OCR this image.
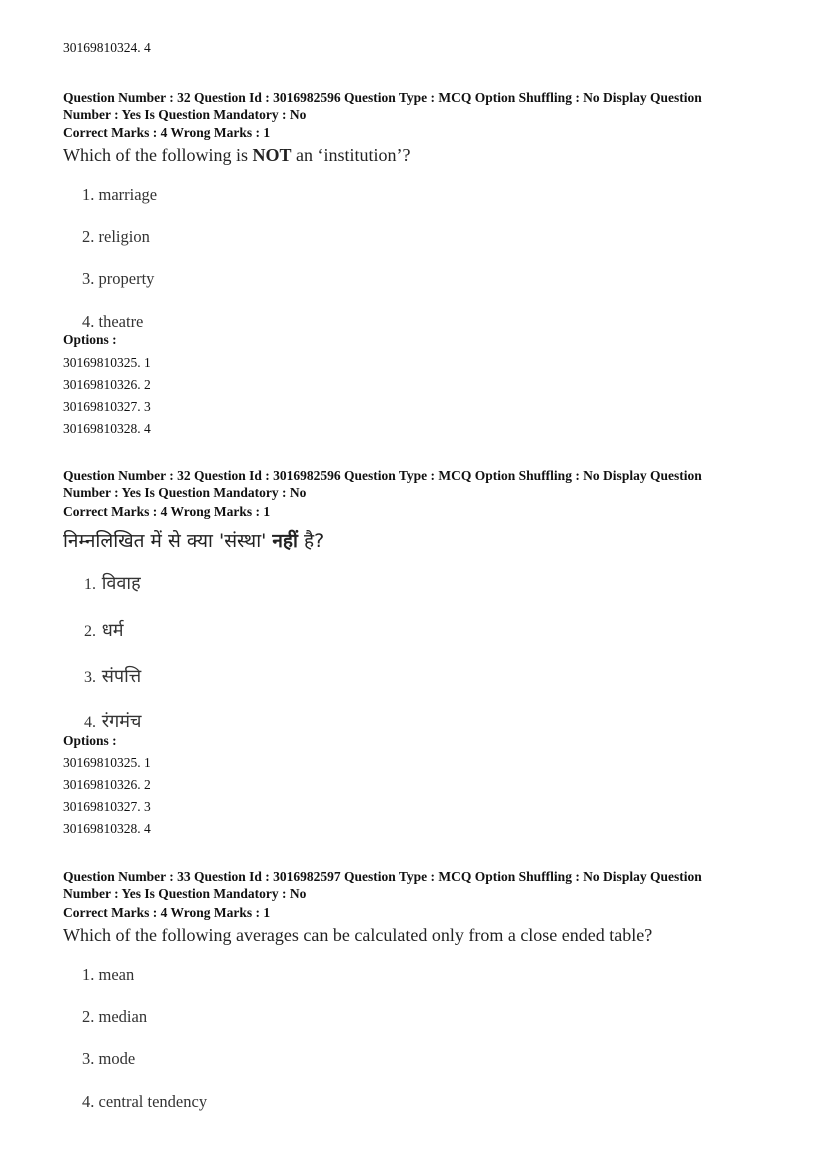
30169810324. 4
Question Number : 32 Question Id : 3016982596 Question Type : MCQ Option Shuffling : No Display Question
Number : Yes Is Question Mandatory : No
Correct Marks : 4 Wrong Marks : 1
Which of the following is NOT an ‘institution’?
1. marriage
2. religion
3. property
4. theatre
Options :
30169810325. 1
30169810326. 2
30169810327. 3
30169810328. 4
Question Number : 32 Question Id : 3016982596 Question Type : MCQ Option Shuffling : No Display Question
Number : Yes Is Question Mandatory : No
Correct Marks : 4 Wrong Marks : 1
निम्नलिखित में से क्या 'संस्था' नहीं है?
1. विवाह
2. धर्म
3. संपत्ति
4. रंगमंच
Options :
30169810325. 1
30169810326. 2
30169810327. 3
30169810328. 4
Question Number : 33 Question Id : 3016982597 Question Type : MCQ Option Shuffling : No Display Question
Number : Yes Is Question Mandatory : No
Correct Marks : 4 Wrong Marks : 1
Which of the following averages can be calculated only from a close ended table?
1. mean
2. median
3. mode
4. central tendency
